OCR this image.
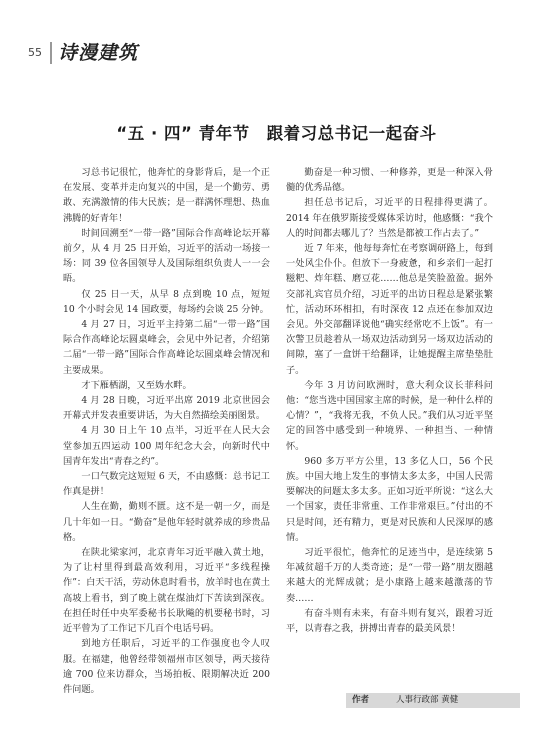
55 诗漫建筑
“五 · 四” 青年节　跟着习总书记一起奋斗

习总书记很忙，他奔忙的身影背后，是一个正在发展、变革并走向复兴的中国，是一个勤劳、勇敢、充满激情的伟大民族；是一群满怀理想、热血沸腾的好青年！

时间回溯至“一带一路”国际合作高峰论坛开幕前夕，从 4 月 25 日开始，习近平的活动一场接一场：同 39 位各国领导人及国际组织负责人一一会晤。

仅 25 日一天，从早 8 点到晚 10 点，短短 10 个小时会见 14 国政要，每场约会谈 25 分钟。

4 月 27 日，习近平主持第二届“一带一路”国际合作高峰论坛圆桌峰会，会见中外记者，介绍第二届“一带一路”国际合作高峰论坛圆桌峰会情况和主要成果。

才下雁栖湖，又至妫水畔。

4 月 28 日晚，习近平出席 2019 北京世园会开幕式并发表重要讲话，为大自然描绘美丽图景。

4 月 30 日上午 10 点半，习近平在人民大会堂参加五四运动 100 周年纪念大会，向新时代中国青年发出“青春之约”。

一口气数完这短短 6 天，不由感慨：总书记工作真是拼！

人生在勤，勤则不匮。这不是一朝一夕，而是几十年如一日。“勤奋”是他年轻时就养成的珍贵品格。

在陕北梁家河，北京青年习近平融入黄土地，为了让村里得到最高效利用，习近平“多线程操作”：白天干活，劳动休息时看书，放羊时也在黄土高坡上看书，到了晚上就在煤油灯下苦读到深夜。在担任时任中央军委秘书长耿飚的机要秘书时，习近平曾为了工作记下几百个电话号码。

到地方任职后，习近平的工作强度也令人叹服。在福建，他曾经带领福州市区领导，两天接待逾 700 位来访群众，当场拍板、限期解决近 200 件问题。

勤奋是一种习惯、一种修养，更是一种深入骨髓的优秀品德。

担任总书记后，习近平的日程排得更满了。2014 年在俄罗斯接受媒体采访时，他感慨：“我个人的时间都去哪儿了？当然是都被工作占去了。”

近 7 年来，他每每奔忙在考察调研路上，每到一处风尘仆仆。但放下一身疲惫，和乡亲们一起打糍粑、炸年糕、磨豆花……他总是笑脸盈盈。据外交部礼宾官员介绍，习近平的出访日程总是紧张繁忙，活动环环相扣，有时深夜 12 点还在参加双边会见。外交部翻译说他“确实经常吃不上饭”。有一次警卫员趁着从一场双边活动到另一场双边活动的间隙，塞了一盒饼干给翻译，让她提醒主席垫垫肚子。

今年 3 月访问欧洲时，意大利众议长菲科问他：“您当选中国国家主席的时候，是一种什么样的心情？”，“我将无我，不负人民。”我们从习近平坚定的回答中感受到一种境界、一种担当、一种情怀。

960 多万平方公里，13 多亿人口，56 个民族。中国大地上发生的事情太多太多，中国人民需要解决的问题太多太多。正如习近平所说：“这么大一个国家，责任非常重、工作非常艰巨。”付出的不只是时间，还有精力，更是对民族和人民深厚的感情。

习近平很忙，他奔忙的足迹当中，是连续第 5 年减贫超千万的人类奇迹；是“一带一路”朋友圈越来越大的光辉成就；是小康路上越来越激荡的节奏……

有奋斗则有未来，有奋斗则有复兴，跟着习近平，以青春之我，拼搏出青春的最美风景！

作者	人事行政部 黄健
